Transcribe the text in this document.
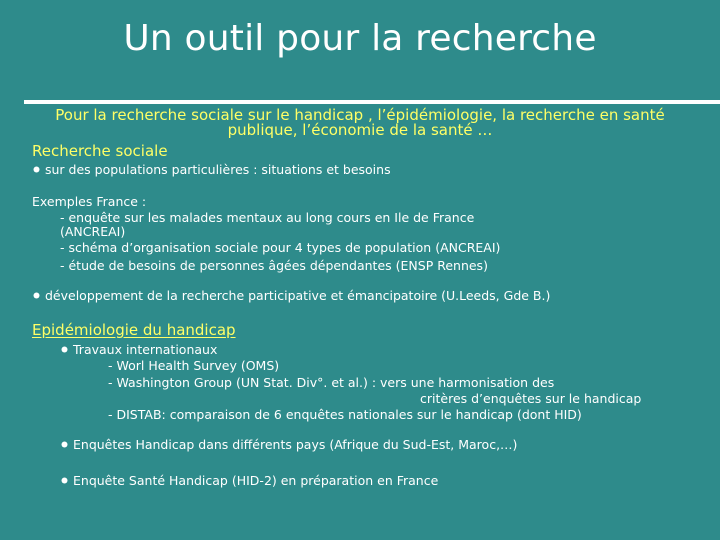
Un outil pour la recherche
Pour la recherche sociale sur le handicap , l’épidémiologie, la recherche en santé publique, l’économie de la santé …
Recherche sociale
sur des populations particulières : situations et besoins
Exemples France :
- enquête sur les malades mentaux au long cours en Ile de France
(ANCREAI)
- schéma d’organisation sociale pour 4 types de population (ANCREAI)
- étude de besoins de personnes âgées dépendantes (ENSP Rennes)
développement de la recherche participative et émancipatoire (U.Leeds, Gde B.)
Epidémiologie du handicap
Travaux internationaux
- Worl Health Survey (OMS)
- Washington Group (UN Stat. Div°. et al.) : vers une harmonisation des
critères d’enquêtes sur le handicap
- DISTAB: comparaison de 6 enquêtes nationales sur le handicap (dont HID)
Enquêtes Handicap dans différents pays (Afrique du Sud-Est, Maroc,…)
Enquête Santé Handicap (HID-2) en préparation en France
